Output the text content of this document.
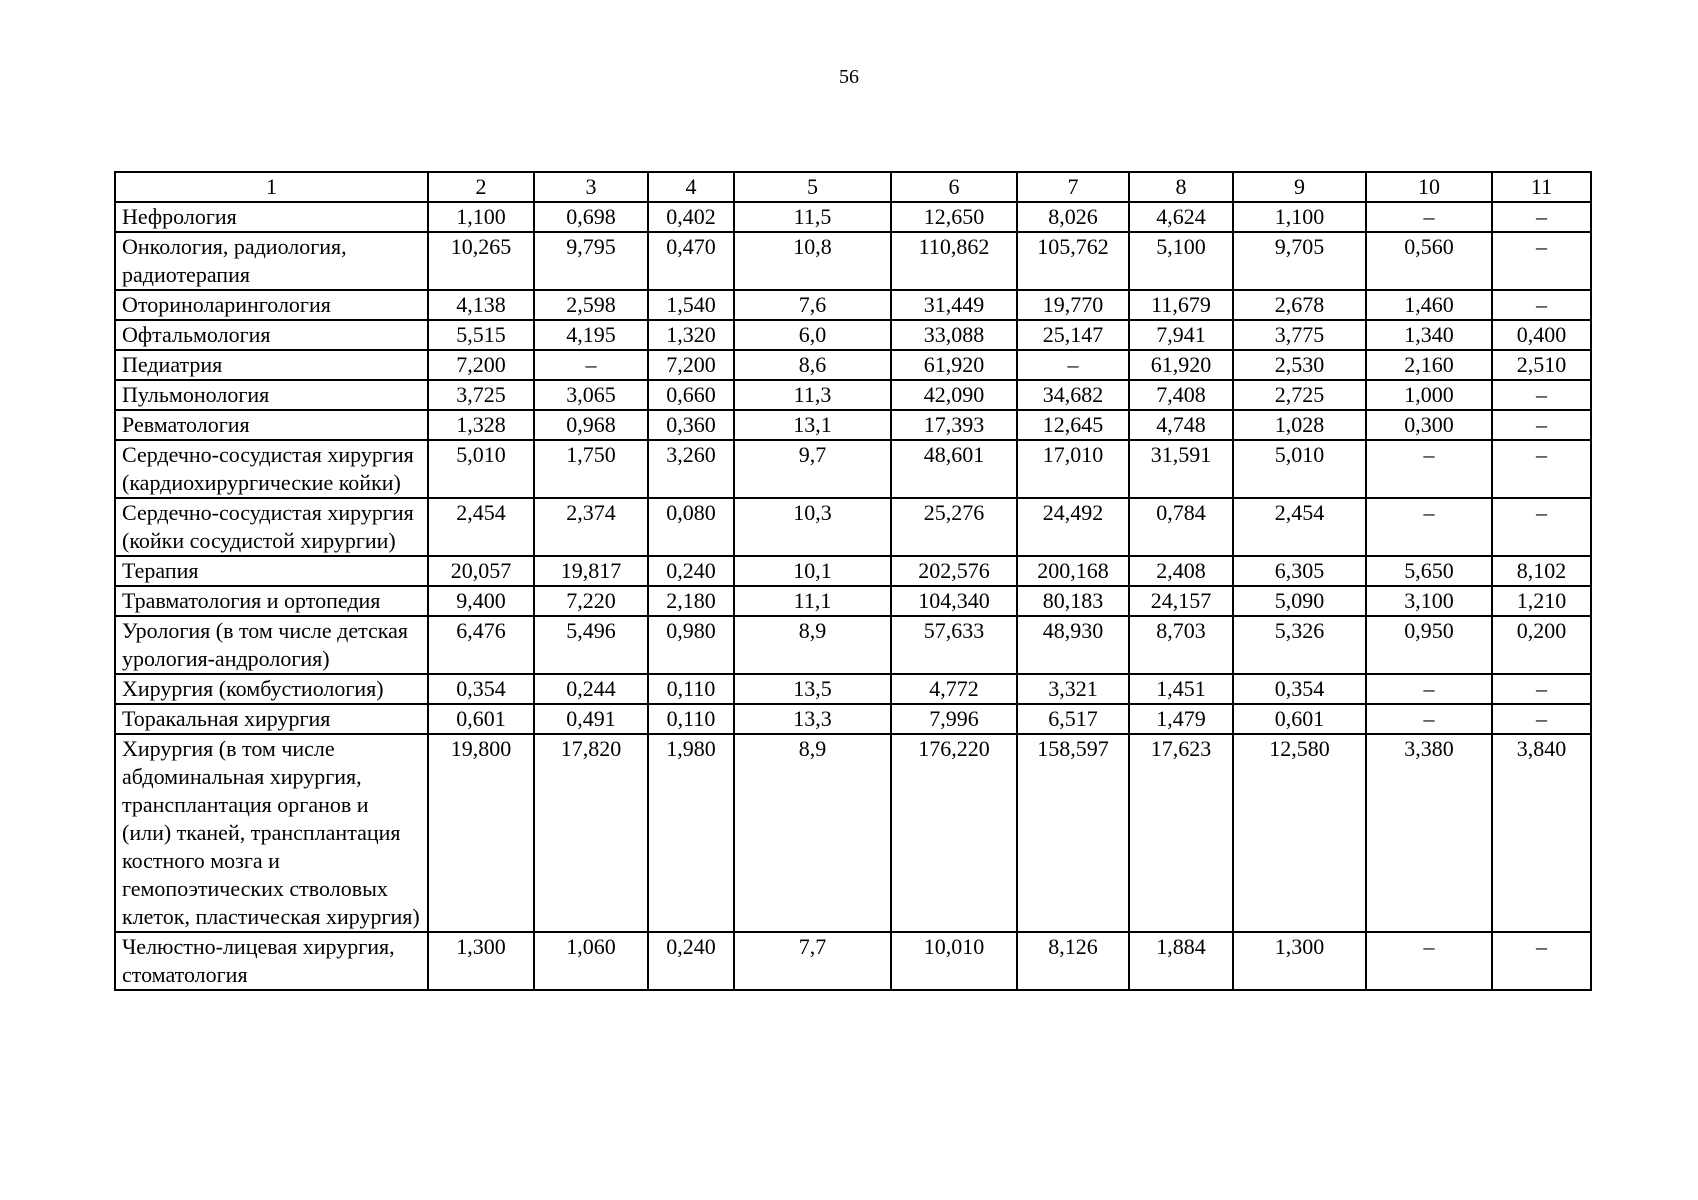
56
1	2	3	4	5	6	7	8	9	10	11
Нефрология	1,100	0,698	0,402	11,5	12,650	8,026	4,624	1,100	–	–
Онкология, радиология, радиотерапия	10,265	9,795	0,470	10,8	110,862	105,762	5,100	9,705	0,560	–
Оториноларингология	4,138	2,598	1,540	7,6	31,449	19,770	11,679	2,678	1,460	–
Офтальмология	5,515	4,195	1,320	6,0	33,088	25,147	7,941	3,775	1,340	0,400
Педиатрия	7,200	–	7,200	8,6	61,920	–	61,920	2,530	2,160	2,510
Пульмонология	3,725	3,065	0,660	11,3	42,090	34,682	7,408	2,725	1,000	–
Ревматология	1,328	0,968	0,360	13,1	17,393	12,645	4,748	1,028	0,300	–
Сердечно-сосудистая хирургия (кардиохирургические койки)	5,010	1,750	3,260	9,7	48,601	17,010	31,591	5,010	–	–
Сердечно-сосудистая хирургия (койки сосудистой хирургии)	2,454	2,374	0,080	10,3	25,276	24,492	0,784	2,454	–	–
Терапия	20,057	19,817	0,240	10,1	202,576	200,168	2,408	6,305	5,650	8,102
Травматология и ортопедия	9,400	7,220	2,180	11,1	104,340	80,183	24,157	5,090	3,100	1,210
Урология (в том числе детская урология-андрология)	6,476	5,496	0,980	8,9	57,633	48,930	8,703	5,326	0,950	0,200
Хирургия (комбустиология)	0,354	0,244	0,110	13,5	4,772	3,321	1,451	0,354	–	–
Торакальная хирургия	0,601	0,491	0,110	13,3	7,996	6,517	1,479	0,601	–	–
Хирургия (в том числе абдоминальная хирургия, трансплантация органов и (или) тканей, трансплантация костного мозга и гемопоэтических стволовых клеток, пластическая хирургия)	19,800	17,820	1,980	8,9	176,220	158,597	17,623	12,580	3,380	3,840
Челюстно-лицевая хирургия, стоматология	1,300	1,060	0,240	7,7	10,010	8,126	1,884	1,300	–	–
